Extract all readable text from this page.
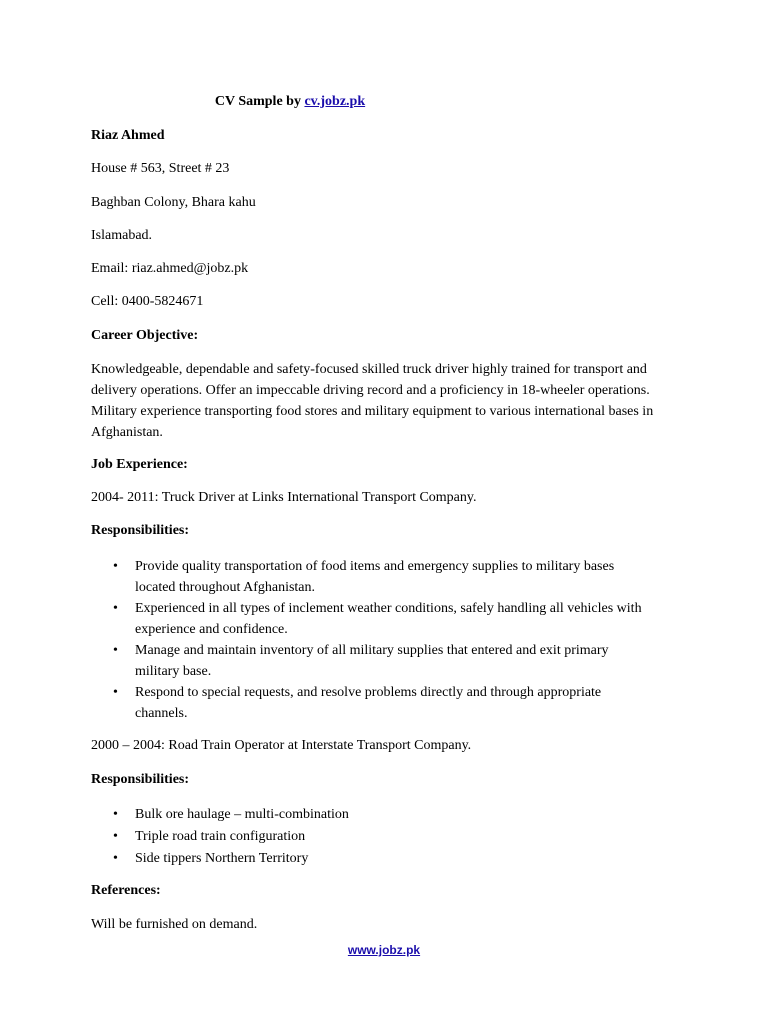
CV Sample by cv.jobz.pk
Riaz Ahmed
House # 563, Street # 23
Baghban Colony, Bhara kahu
Islamabad.
Email: riaz.ahmed@jobz.pk
Cell: 0400-5824671
Career Objective:
Knowledgeable, dependable and safety-focused skilled truck driver highly trained for transport and delivery operations. Offer an impeccable driving record and a proficiency in 18-wheeler operations. Military experience transporting food stores and military equipment to various international bases in Afghanistan.
Job Experience:
2004- 2011: Truck Driver at Links International Transport Company.
Responsibilities:
• Provide quality transportation of food items and emergency supplies to military bases located throughout Afghanistan.
• Experienced in all types of inclement weather conditions, safely handling all vehicles with experience and confidence.
• Manage and maintain inventory of all military supplies that entered and exit primary military base.
• Respond to special requests, and resolve problems directly and through appropriate channels.
2000 – 2004: Road Train Operator at Interstate Transport Company.
Responsibilities:
• Bulk ore haulage – multi-combination
• Triple road train configuration
• Side tippers Northern Territory
References:
Will be furnished on demand.
www.jobz.pk
